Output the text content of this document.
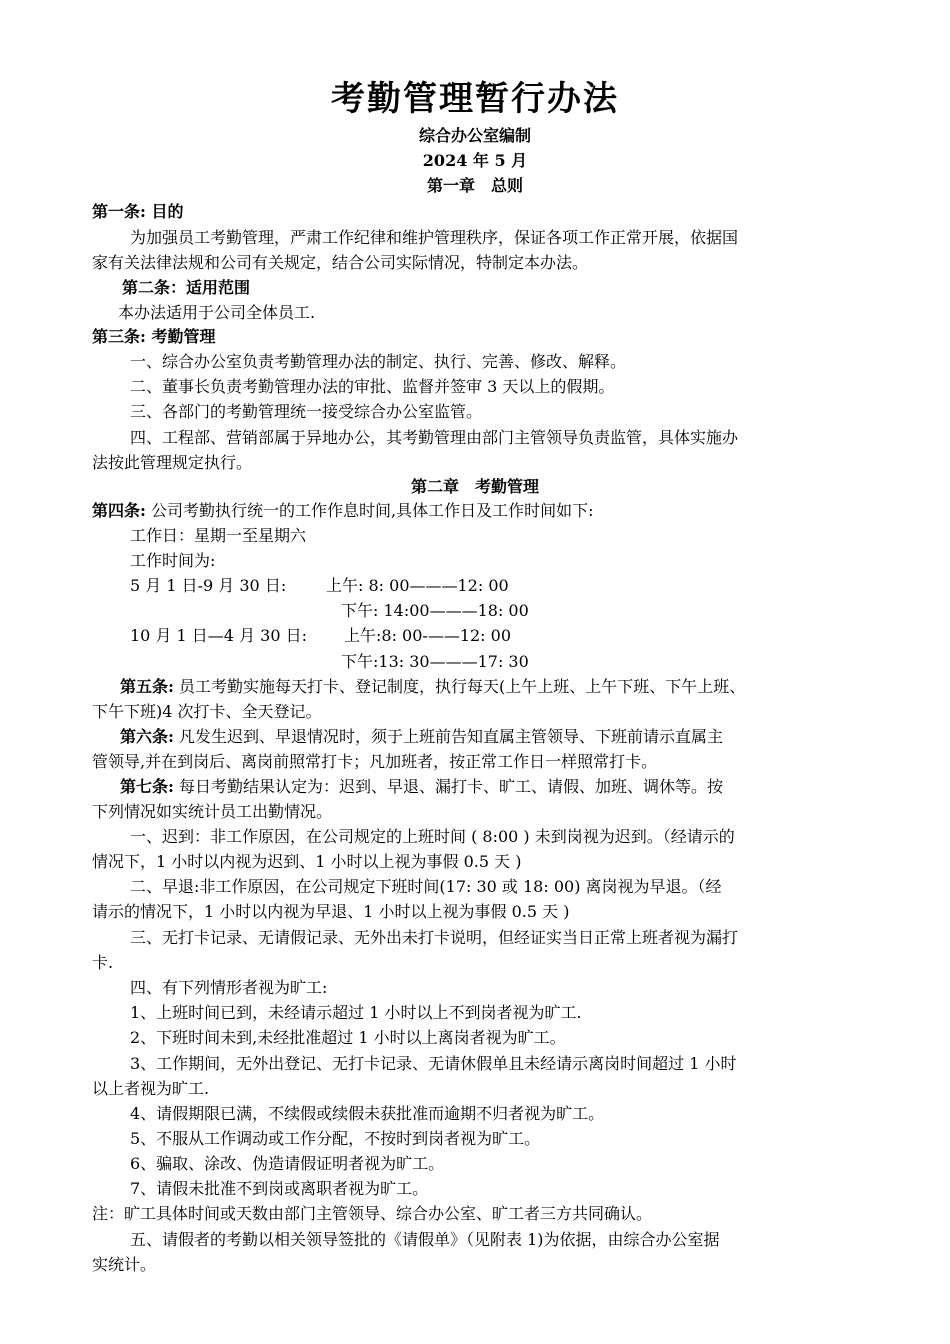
考勤管理暂行办法
综合办公室编制
2024 年 5 月
第一章　总则
第一条: 目的
为加强员工考勤管理，严肃工作纪律和维护管理秩序，保证各项工作正常开展，依据国
家有关法律法规和公司有关规定，结合公司实际情况，特制定本办法。
第二条：适用范围
本办法适用于公司全体员工.
第三条: 考勤管理
一、综合办公室负责考勤管理办法的制定、执行、完善、修改、解释。
二、董事长负责考勤管理办法的审批、监督并签审 3 天以上的假期。
三、各部门的考勤管理统一接受综合办公室监管。
四、工程部、营销部属于异地办公，其考勤管理由部门主管领导负责监管，具体实施办
法按此管理规定执行。
第二章　考勤管理
第四条: 公司考勤执行统一的工作作息时间,具体工作日及工作时间如下:
工作日：星期一至星期六
工作时间为:
5 月 1 日-9 月 30 日: 上午: 8: 00———12: 00
下午: 14:00———18: 00
10 月 1 日—4 月 30 日: 上午:8: 00-——12: 00
下午:13: 30———17: 30
第五条: 员工考勤实施每天打卡、登记制度，执行每天(上午上班、上午下班、下午上班、
下午下班)4 次打卡、全天登记。
第六条: 凡发生迟到、早退情况时，须于上班前告知直属主管领导、下班前请示直属主
管领导,并在到岗后、离岗前照常打卡；凡加班者，按正常工作日一样照常打卡。
第七条: 每日考勤结果认定为：迟到、早退、漏打卡、旷工、请假、加班、调休等。按
下列情况如实统计员工出勤情况。
一、迟到：非工作原因，在公司规定的上班时间 ( 8:00 ) 未到岗视为迟到。（经请示的
情况下，1 小时以内视为迟到、1 小时以上视为事假 0.5 天 )
二、早退:非工作原因，在公司规定下班时间(17: 30 或 18: 00) 离岗视为早退。（经
请示的情况下，1 小时以内视为早退、1 小时以上视为事假 0.5 天 )
三、无打卡记录、无请假记录、无外出未打卡说明，但经证实当日正常上班者视为漏打
卡.
四、有下列情形者视为旷工:
1、上班时间已到，未经请示超过 1 小时以上不到岗者视为旷工.
2、下班时间未到,未经批准超过 1 小时以上离岗者视为旷工。
3、工作期间，无外出登记、无打卡记录、无请休假单且未经请示离岗时间超过 1 小时
以上者视为旷工.
4、请假期限已满，不续假或续假未获批准而逾期不归者视为旷工。
5、不服从工作调动或工作分配，不按时到岗者视为旷工。
6、骗取、涂改、伪造请假证明者视为旷工。
7、请假未批准不到岗或离职者视为旷工。
注：旷工具体时间或天数由部门主管领导、综合办公室、旷工者三方共同确认。
五、请假者的考勤以相关领导签批的《请假单》（见附表 1)为依据，由综合办公室据
实统计。
